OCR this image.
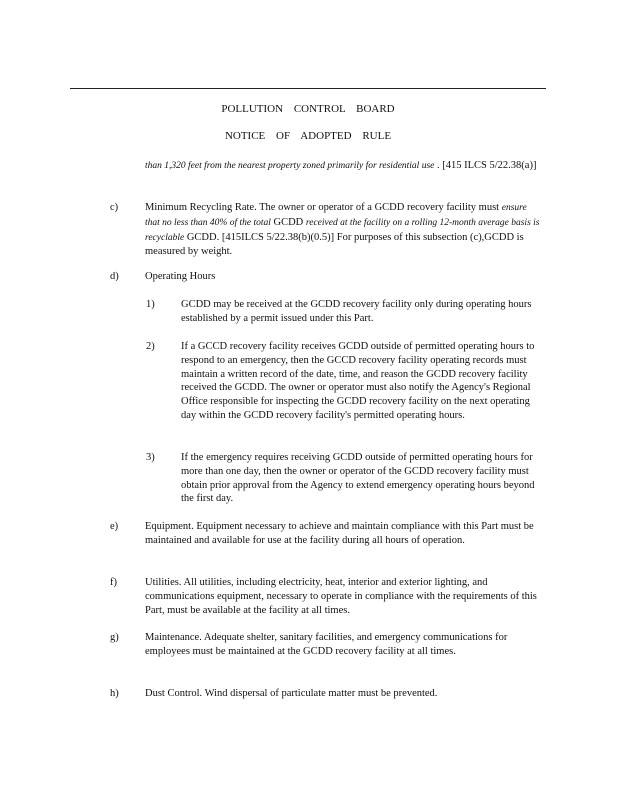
POLLUTION CONTROL BOARD
NOTICE OF ADOPTED RULE
than 1,320 feet from the nearest property zoned primarily for residential use . [415 ILCS 5/22.38(a)]
c)	Minimum Recycling Rate. The owner or operator of a GCDD recovery facility must ensure that no less than 40% of the total GCDD received at the facility on a rolling 12-month average basis is recyclable GCDD. [415ILCS 5/22.38(b)(0.5)] For purposes of this subsection (c),GCDD is measured by weight.
d)	Operating Hours
1)	GCDD may be received at the GCDD recovery facility only during operating hours established by a permit issued under this Part.
2)	If a GCCD recovery facility receives GCDD outside of permitted operating hours to respond to an emergency, then the GCCD recovery facility operating records must maintain a written record of the date, time, and reason the GCDD recovery facility received the GCDD. The owner or operator must also notify the Agency's Regional Office responsible for inspecting the GCDD recovery facility on the next operating day within the GCDD recovery facility's permitted operating hours.
3)	If the emergency requires receiving GCDD outside of permitted operating hours for more than one day, then the owner or operator of the GCDD recovery facility must obtain prior approval from the Agency to extend emergency operating hours beyond the first day.
e)	Equipment. Equipment necessary to achieve and maintain compliance with this Part must be maintained and available for use at the facility during all hours of operation.
f)	Utilities. All utilities, including electricity, heat, interior and exterior lighting, and communications equipment, necessary to operate in compliance with the requirements of this Part, must be available at the facility at all times.
g)	Maintenance. Adequate shelter, sanitary facilities, and emergency communications for employees must be maintained at the GCDD recovery facility at all times.
h)	Dust Control. Wind dispersal of particulate matter must be prevented.
